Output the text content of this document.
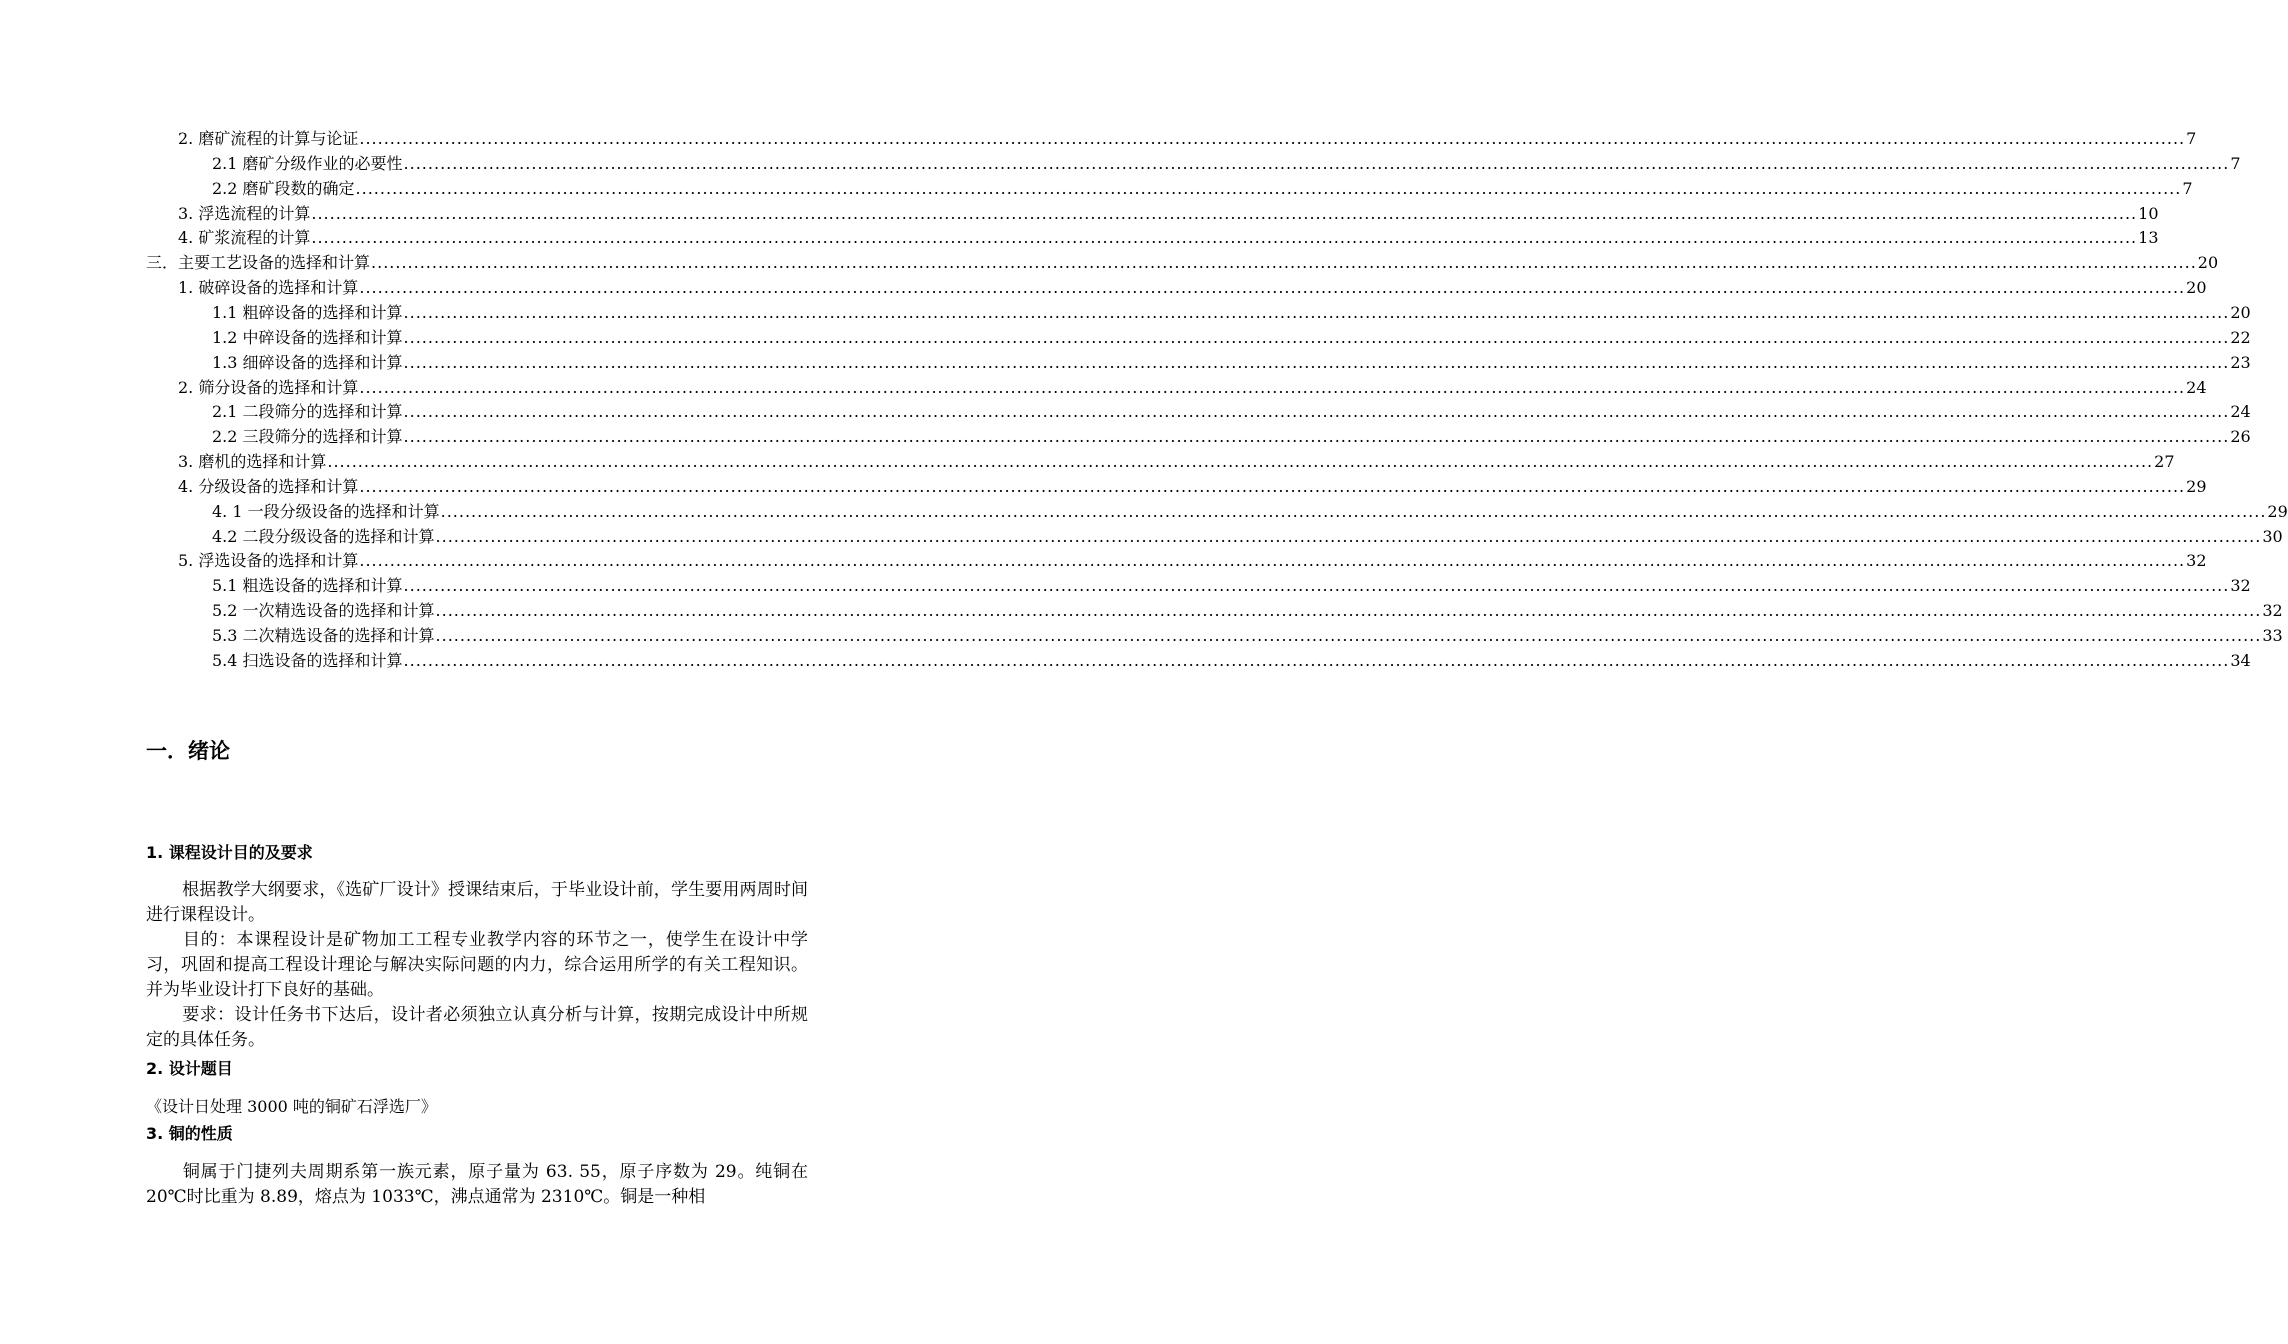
2. 磨矿流程的计算与论证 ............................................................................................................................................................................................................................................................................................................ 7
2.1 磨矿分级作业的必要性 ............................................................................................................................................................................................................................................................................................................ 7
2.2 磨矿段数的确定 ............................................................................................................................................................................................................................................................................................................ 7
3. 浮选流程的计算 ............................................................................................................................................................................................................................................................................................................ 10
4. 矿浆流程的计算 ............................................................................................................................................................................................................................................................................................................ 13
三．主要工艺设备的选择和计算 ............................................................................................................................................................................................................................................................................................................ 20
1. 破碎设备的选择和计算 ............................................................................................................................................................................................................................................................................................................ 20
1.1 粗碎设备的选择和计算 ............................................................................................................................................................................................................................................................................................................ 20
1.2 中碎设备的选择和计算 ............................................................................................................................................................................................................................................................................................................ 22
1.3 细碎设备的选择和计算 ............................................................................................................................................................................................................................................................................................................ 23
2. 筛分设备的选择和计算 ............................................................................................................................................................................................................................................................................................................ 24
2.1 二段筛分的选择和计算 ............................................................................................................................................................................................................................................................................................................ 24
2.2 三段筛分的选择和计算 ............................................................................................................................................................................................................................................................................................................ 26
3. 磨机的选择和计算 ............................................................................................................................................................................................................................................................................................................ 27
4. 分级设备的选择和计算 ............................................................................................................................................................................................................................................................................................................ 29
4. 1 一段分级设备的选择和计算 ............................................................................................................................................................................................................................................................................................................ 29
4.2 二段分级设备的选择和计算 ............................................................................................................................................................................................................................................................................................................ 30
5. 浮选设备的选择和计算 ............................................................................................................................................................................................................................................................................................................ 32
5.1 粗选设备的选择和计算 ............................................................................................................................................................................................................................................................................................................ 32
5.2 一次精选设备的选择和计算 ............................................................................................................................................................................................................................................................................................................ 32
5.3 二次精选设备的选择和计算 ............................................................................................................................................................................................................................................................................................................ 33
5.4 扫选设备的选择和计算 ............................................................................................................................................................................................................................................................................................................ 34
一．绪论
1. 课程设计目的及要求

根据教学大纲要求，《选矿厂设计》授课结束后，于毕业设计前，学生要用两周时间进行课程设计。

目的：本课程设计是矿物加工工程专业教学内容的环节之一，使学生在设计中学习，巩固和提高工程设计理论与解决实际问题的内力，综合运用所学的有关工程知识。并为毕业设计打下良好的基础。

要求：设计任务书下达后，设计者必须独立认真分析与计算，按期完成设计中所规定的具体任务。

2. 设计题目

《设计日处理 3000 吨的铜矿石浮选厂》

3. 铜的性质

铜属于门捷列夫周期系第一族元素，原子量为 63. 55，原子序数为 29。纯铜在 20℃时比重为 8.89，熔点为 1033℃，沸点通常为 2310℃。铜是一种相
